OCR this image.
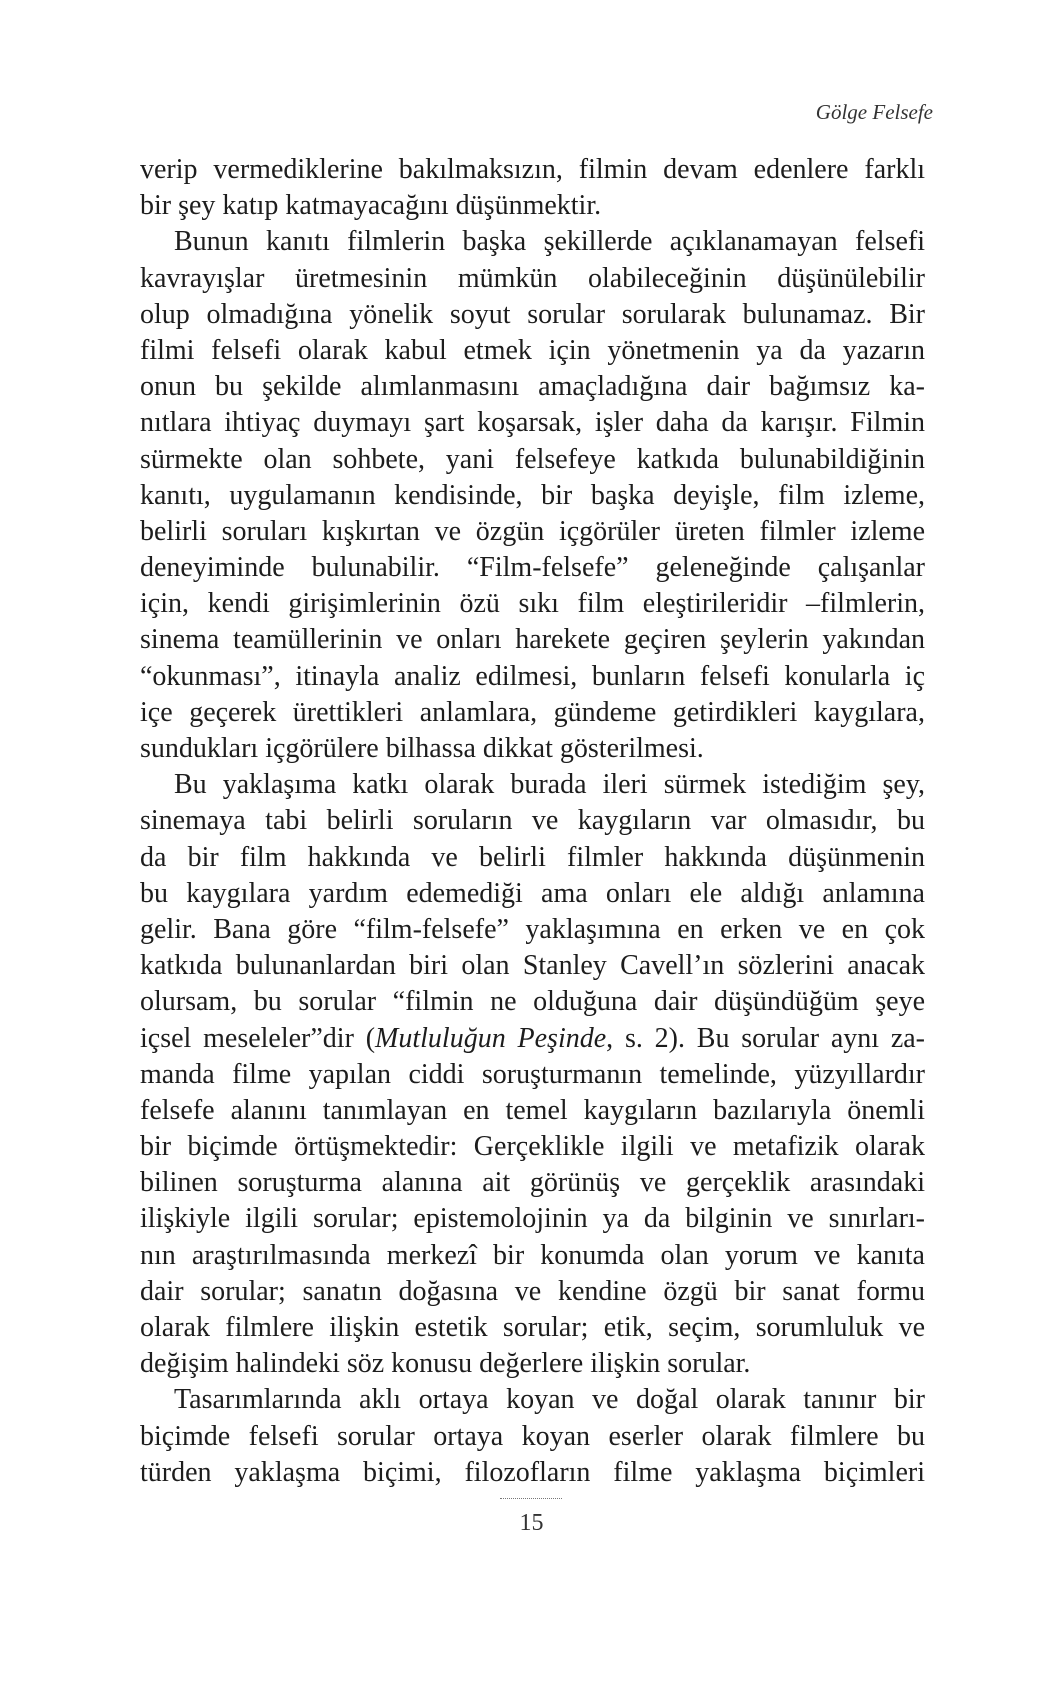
Gölge Felsefe
verip vermediklerine bakılmaksızın, filmin devam edenlere farklı
bir şey katıp katmayacağını düşünmektir.
Bunun kanıtı filmlerin başka şekillerde açıklanamayan felsefi
kavrayışlar üretmesinin mümkün olabileceğinin düşünülebilir
olup olmadığına yönelik soyut sorular sorularak bulunamaz. Bir
filmi felsefi olarak kabul etmek için yönetmenin ya da yazarın
onun bu şekilde alımlanmasını amaçladığına dair bağımsız ka-
nıtlara ihtiyaç duymayı şart koşarsak, işler daha da karışır. Filmin
sürmekte olan sohbete, yani felsefeye katkıda bulunabildiğinin
kanıtı, uygulamanın kendisinde, bir başka deyişle, film izleme,
belirli soruları kışkırtan ve özgün içgörüler üreten filmler izleme
deneyiminde bulunabilir. “Film-felsefe” geleneğinde çalışanlar
için, kendi girişimlerinin özü sıkı film eleştirileridir –filmlerin,
sinema teamüllerinin ve onları harekete geçiren şeylerin yakından
“okunması”, itinayla analiz edilmesi, bunların felsefi konularla iç
içe geçerek ürettikleri anlamlara, gündeme getirdikleri kaygılara,
sundukları içgörülere bilhassa dikkat gösterilmesi.
Bu yaklaşıma katkı olarak burada ileri sürmek istediğim şey,
sinemaya tabi belirli soruların ve kaygıların var olmasıdır, bu
da bir film hakkında ve belirli filmler hakkında düşünmenin
bu kaygılara yardım edemediği ama onları ele aldığı anlamına
gelir. Bana göre “film-felsefe” yaklaşımına en erken ve en çok
katkıda bulunanlardan biri olan Stanley Cavell’ın sözlerini anacak
olursam, bu sorular “filmin ne olduğuna dair düşündüğüm şeye
içsel meseleler”dir (Mutluluğun Peşinde, s. 2). Bu sorular aynı za-
manda filme yapılan ciddi soruşturmanın temelinde, yüzyıllardır
felsefe alanını tanımlayan en temel kaygıların bazılarıyla önemli
bir biçimde örtüşmektedir: Gerçeklikle ilgili ve metafizik olarak
bilinen soruşturma alanına ait görünüş ve gerçeklik arasındaki
ilişkiyle ilgili sorular; epistemolojinin ya da bilginin ve sınırları-
nın araştırılmasında merkezî bir konumda olan yorum ve kanıta
dair sorular; sanatın doğasına ve kendine özgü bir sanat formu
olarak filmlere ilişkin estetik sorular; etik, seçim, sorumluluk ve
değişim halindeki söz konusu değerlere ilişkin sorular.
Tasarımlarında aklı ortaya koyan ve doğal olarak tanınır bir
biçimde felsefi sorular ortaya koyan eserler olarak filmlere bu
türden yaklaşma biçimi, filozofların filme yaklaşma biçimleri
15
